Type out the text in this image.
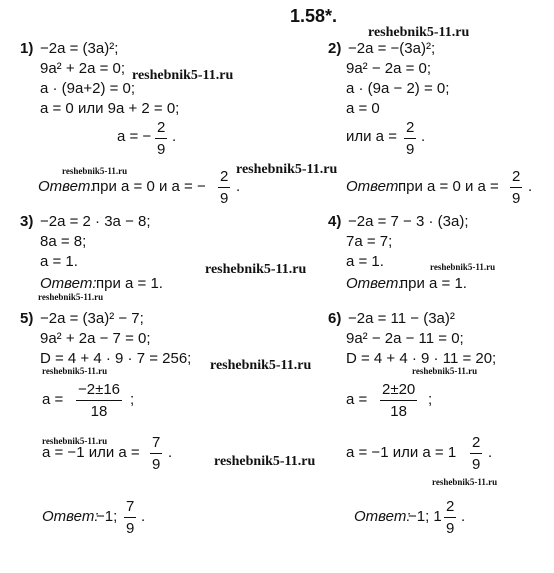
1.58*.
1) −2a = (3a)²;
9a² + 2a = 0;
a · (9a+2) = 0;
a = 0 или 9a + 2 = 0;
a = − $\frac{2}{9}$ .
Ответ:
при a = 0 и a = − $\frac{2}{9}$ .
2) −2a = −(3a)²;
9a² − 2a = 0;
a · (9a − 2) = 0;
a = 0
или $a = \frac{2}{9}$ .
Ответ:
при a = 0 и $a = \frac{2}{9}$ .
3) −2a = 2 · 3a − 8;
8a = 8;
a = 1.
Ответ: при a = 1.
4) −2a = 7 − 3 · (3a);
7a = 7;
a = 1.
Ответ:
при a = 1.
5) −2a = (3a)² − 7;
9a² + 2a − 7 = 0;
D = 4 + 4 · 9 · 7 = 256;
$a = \frac{-2\pm 16}{18}$ ;
a = −1 или $a = \frac{7}{9}$ .
Ответ:
−1; $\frac{7}{9}$ .
6) −2a = 11 − (3a)²
9a² − 2a − 11 = 0;
D = 4 + 4 · 9 · 11 = 20;
$a = \frac{2\pm 20}{18}$ ;
a = −1 или $a = 1 \frac{2}{9}$ .
Ответ:
−1; $1 \frac{2}{9}$ .
reshebnik5-11.ru
reshebnik5-11.ru
reshebnik5-11.ru	reshebnik5-11.ru
reshebnik5-11.ru	reshebnik5-11.ru
reshebnik5-11.ru
reshebnik5-11.ru
reshebnik5-11.ru	reshebnik5-11.ru
reshebnik5-11.ru
reshebnik5-11.ru
reshebnik5-11.ru
